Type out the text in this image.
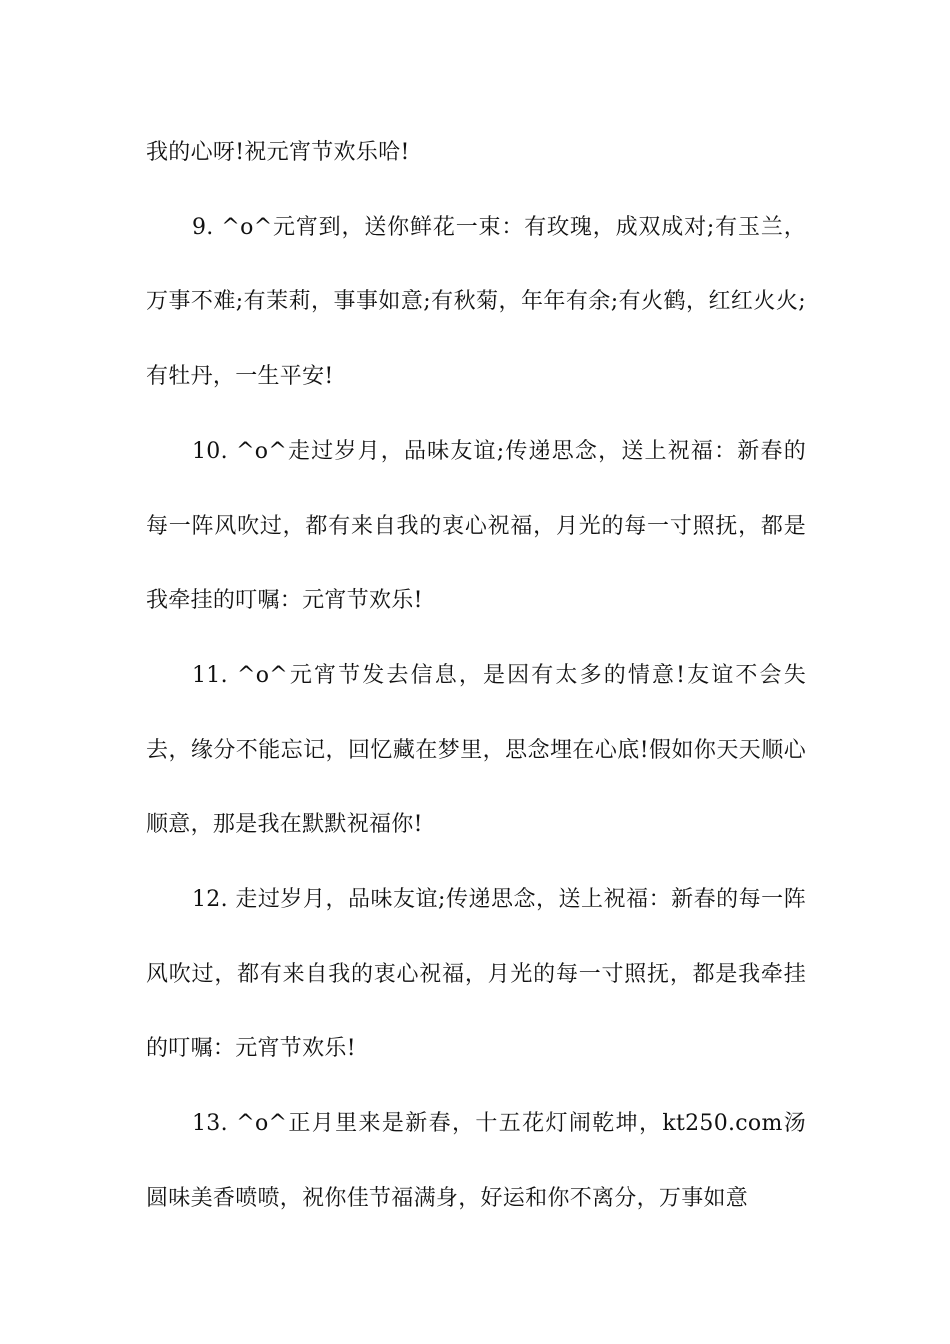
我的心呀!祝元宵节欢乐哈!

9. ^o^元宵到，送你鲜花一束：有玫瑰，成双成对;有玉兰，万事不难;有茉莉，事事如意;有秋菊，年年有余;有火鹤，红红火火;有牡丹，一生平安!

10. ^o^走过岁月，品味友谊;传递思念，送上祝福：新春的每一阵风吹过，都有来自我的衷心祝福，月光的每一寸照抚，都是我牵挂的叮嘱：元宵节欢乐!

11. ^o^元宵节发去信息，是因有太多的情意!友谊不会失去，缘分不能忘记，回忆藏在梦里，思念埋在心底!假如你天天顺心顺意，那是我在默默祝福你!

12. 走过岁月，品味友谊;传递思念，送上祝福：新春的每一阵风吹过，都有来自我的衷心祝福，月光的每一寸照抚，都是我牵挂的叮嘱：元宵节欢乐!

13. ^o^正月里来是新春，十五花灯闹乾坤，kt250.com汤圆味美香喷喷，祝你佳节福满身，好运和你不离分，万事如意
